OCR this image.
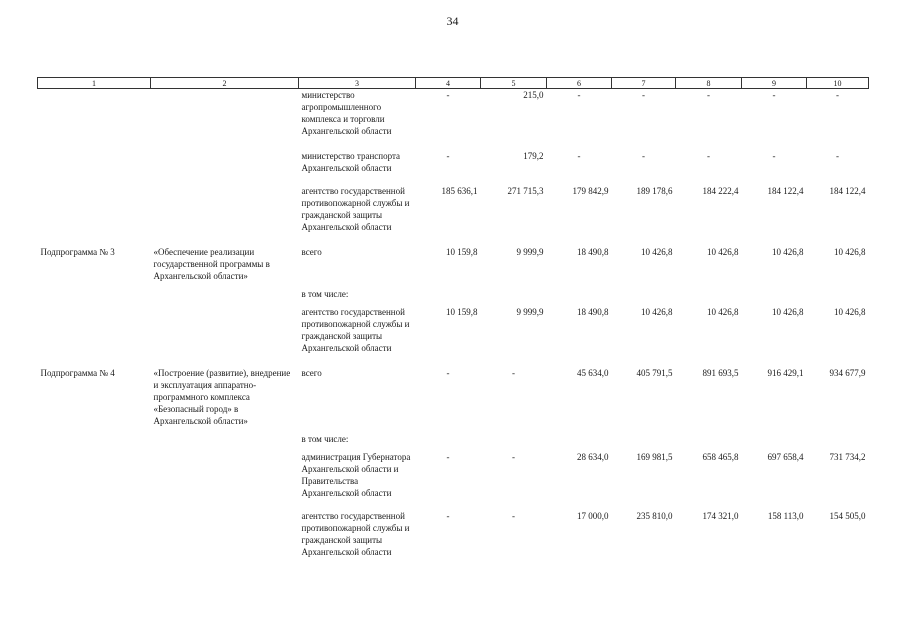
34
1	2	3	4	5	6	7	8	9	10
		министерство агропромышленного комплекса и торговли Архангельской области	-	215,0	-	-	-	-	-
		министерство транспорта Архангельской области	-	179,2	-	-	-	-	-
		агентство государственной противопожарной службы и гражданской защиты Архангельской области	185 636,1	271 715,3	179 842,9	189 178,6	184 222,4	184 122,4	184 122,4
Подпрограмма № 3	«Обеспечение реализации государственной программы в Архангельской области»	всего	10 159,8	9 999,9	18 490,8	10 426,8	10 426,8	10 426,8	10 426,8
		в том числе:							
		агентство государственной противопожарной службы и гражданской защиты Архангельской области	10 159,8	9 999,9	18 490,8	10 426,8	10 426,8	10 426,8	10 426,8
Подпрограмма № 4	«Построение (развитие), внедрение и эксплуатация аппаратно-программного комплекса «Безопасный город» в Архангельской области»	всего	-	-	45 634,0	405 791,5	891 693,5	916 429,1	934 677,9
		в том числе:							
		администрация Губернатора Архангельской области и Правительства Архангельской области	-	-	28 634,0	169 981,5	658 465,8	697 658,4	731 734,2
		агентство государственной противопожарной службы и гражданской защиты Архангельской области	-	-	17 000,0	235 810,0	174 321,0	158 113,0	154 505,0
